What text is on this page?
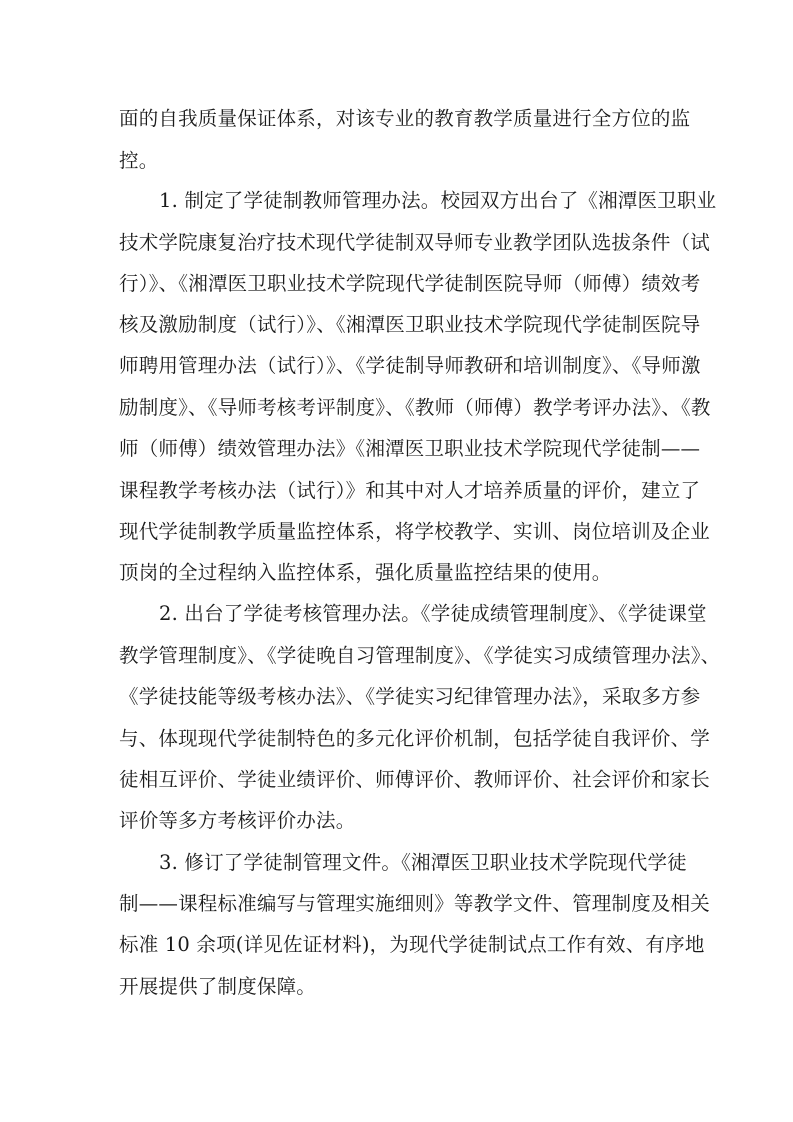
面的自我质量保证体系，对该专业的教育教学质量进行全方位的监
控。
1. 制定了学徒制教师管理办法。校园双方出台了《湘潭医卫职业
技术学院康复治疗技术现代学徒制双导师专业教学团队选拔条件（试
行）》、《湘潭医卫职业技术学院现代学徒制医院导师（师傅）绩效考
核及激励制度（试行）》、《湘潭医卫职业技术学院现代学徒制医院导
师聘用管理办法（试行）》、《学徒制导师教研和培训制度》、《导师激
励制度》、《导师考核考评制度》、《教师（师傅）教学考评办法》、《教
师（师傅）绩效管理办法》《湘潭医卫职业技术学院现代学徒制——
课程教学考核办法（试行）》和其中对人才培养质量的评价，建立了
现代学徒制教学质量监控体系，将学校教学、实训、岗位培训及企业
顶岗的全过程纳入监控体系，强化质量监控结果的使用。
2. 出台了学徒考核管理办法。《学徒成绩管理制度》、《学徒课堂
教学管理制度》、《学徒晚自习管理制度》、《学徒实习成绩管理办法》、
《学徒技能等级考核办法》、《学徒实习纪律管理办法》，采取多方参
与、体现现代学徒制特色的多元化评价机制，包括学徒自我评价、学
徒相互评价、学徒业绩评价、师傅评价、教师评价、社会评价和家长
评价等多方考核评价办法。
3. 修订了学徒制管理文件。《湘潭医卫职业技术学院现代学徒
制——课程标准编写与管理实施细则》等教学文件、管理制度及相关
标准 10 余项(详见佐证材料)，为现代学徒制试点工作有效、有序地
开展提供了制度保障。
